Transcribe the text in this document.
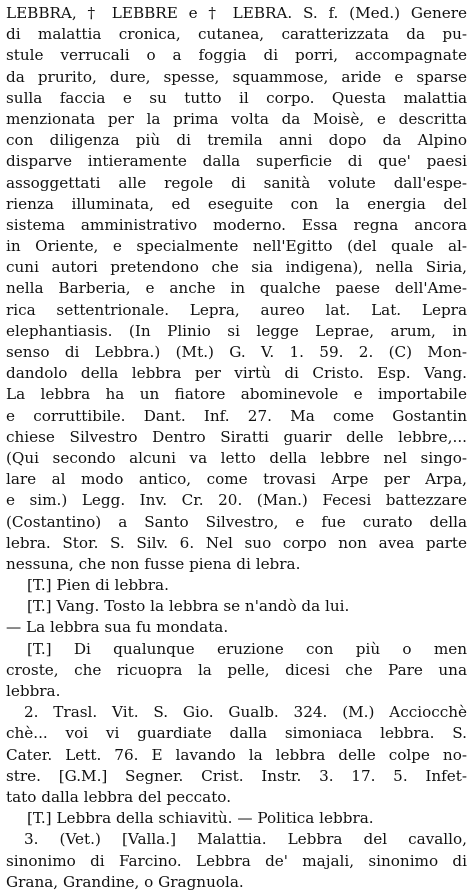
LEBBRA, † LEBBRE e † LEBRA. S. f. (Med.) Genere
di malattia cronica, cutanea, caratterizzata da pu-
stule verrucali o a foggia di porri, accompagnate
da prurito, dure, spesse, squammose, aride e sparse
sulla faccia e su tutto il corpo. Questa malattia
menzionata per la prima volta da Moisè, e descritta
con diligenza più di tremila anni dopo da Alpino
disparve intieramente dalla superficie di que' paesi
assoggettati alle regole di sanità volute dall'espe-
rienza illuminata, ed eseguite con la energia del
sistema amministrativo moderno. Essa regna ancora
in Oriente, e specialmente nell'Egitto (del quale al-
cuni autori pretendono che sia indigena), nella Siria,
nella Barberia, e anche in qualche paese dell'Ame-
rica settentrionale. Lepra, aureo lat. Lat. Lepra
elephantiasis. (In Plinio si legge Leprae, arum, in
senso di Lebbra.) (Mt.) G. V. 1. 59. 2. (C) Mon-
dandolo della lebbra per virtù di Cristo. Esp. Vang.
La lebbra ha un fiatore abominevole e importabile
e corruttibile. Dant. Inf. 27. Ma come Gostantin
chiese Silvestro Dentro Siratti guarir delle lebbre,...
(Qui secondo alcuni va letto della lebbre nel singo-
lare al modo antico, come trovasi Arpe per Arpa,
e sim.) Legg. Inv. Cr. 20. (Man.) Fecesi battezzare
(Costantino) a Santo Silvestro, e fue curato della
lebra. Stor. S. Silv. 6. Nel suo corpo non avea parte
nessuna, che non fusse piena di lebra.
[T.] Pien di lebbra.
[T.] Vang. Tosto la lebbra se n'andò da lui.
— La lebbra sua fu mondata.
[T.] Di qualunque eruzione con più o men
croste, che ricuopra la pelle, dicesi che Pare una
lebbra.
2. Trasl. Vit. S. Gio. Gualb. 324. (M.) Acciocchè
chè... voi vi guardiate dalla simoniaca lebbra. S.
Cater. Lett. 76. E lavando la lebbra delle colpe no-
stre. [G.M.] Segner. Crist. Instr. 3. 17. 5. Infet-
tato dalla lebbra del peccato.
[T.] Lebbra della schiavitù. — Politica lebbra.
3. (Vet.) [Valla.] Malattia. Lebbra del cavallo,
sinonimo di Farcino. Lebbra de' majali, sinonimo di
Grana, Grandine, o Gragnuola.
